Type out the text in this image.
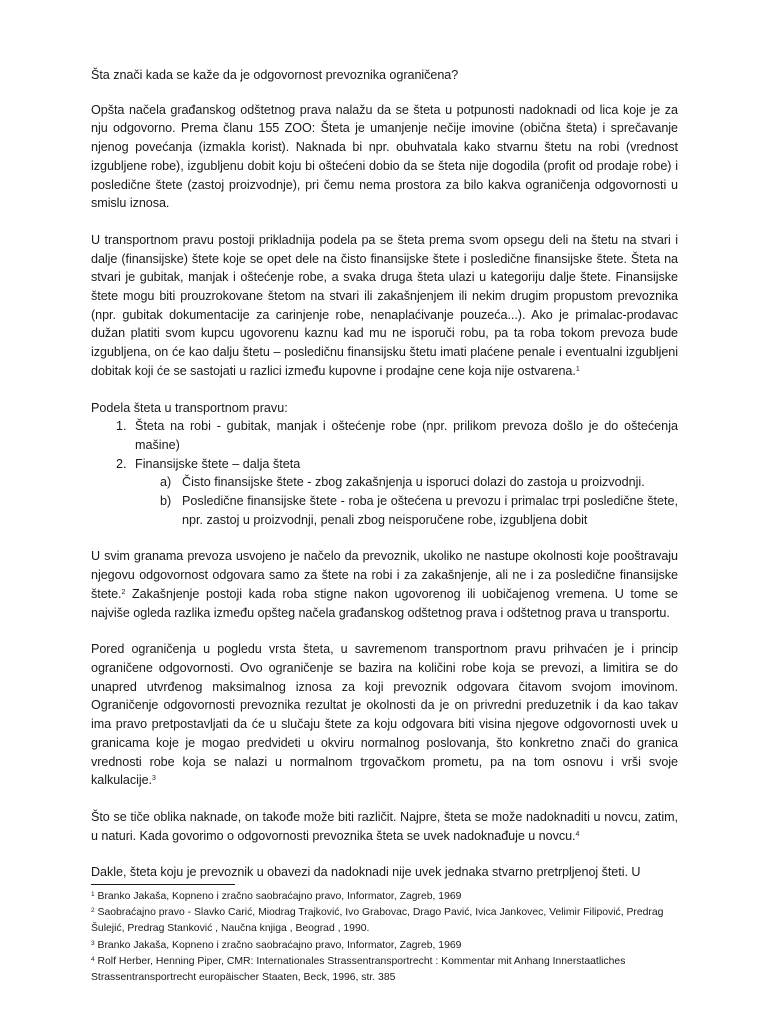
Šta znači kada se kaže da je odgovornost prevoznika ograničena?

Opšta načela građanskog odštetnog prava nalažu da se šteta u potpunosti nadoknadi od lica koje je za nju odgovorno. Prema članu 155 ZOO: Šteta je umanjenje nečije imovine (obična šteta) i sprečavanje njenog povećanja (izmakla korist). Naknada bi npr. obuhvatala kako stvarnu štetu na robi (vrednost izgubljene robe), izgubljenu dobit koju bi oštećeni dobio da se šteta nije dogodila (profit od prodaje robe) i posledične štete (zastoj proizvodnje), pri čemu nema prostora za bilo kakva ograničenja odgovornosti u smislu iznosa.

U transportnom pravu postoji prikladnija podela pa se šteta prema svom opsegu deli na štetu na stvari i dalje (finansijske) štete koje se opet dele na čisto finansijske štete i posledične finansijske štete. Šteta na stvari je gubitak, manjak i oštećenje robe, a svaka druga šteta ulazi u kategoriju dalje štete. Finansijske štete mogu biti prouzrokovane štetom na stvari ili zakašnjenjem ili nekim drugim propustom prevoznika (npr. gubitak dokumentacije za carinjenje robe, nenaplaćivanje pouzeća...). Ako je primalac-prodavac dužan platiti svom kupcu ugovorenu kaznu kad mu ne isporuči robu, pa ta roba tokom prevoza bude izgubljena, on će kao dalju štetu – posledičnu finansijsku štetu imati plaćene penale i eventualni izgubljeni dobitak koji će se sastojati u razlici između kupovne i prodajne cene koja nije ostvarena.$^1$

Podela šteta u transportnom pravu:

1. Šteta na robi - gubitak, manjak i oštećenje robe (npr. prilikom prevoza došlo je do oštećenja mašine)
2. Finansijske štete – dalja šteta
a) Čisto finansijske štete - zbog zakašnjenja u isporuci dolazi do zastoja u proizvodnji.
b) Posledične finansijske štete - roba je oštećena u prevozu i primalac trpi posledične štete, npr. zastoj u proizvodnji, penali zbog neisporučene robe, izgubljena dobit

U svim granama prevoza usvojeno je načelo da prevoznik, ukoliko ne nastupe okolnosti koje pooštravaju njegovu odgovornost odgovara samo za štete na robi i za zakašnjenje, ali ne i za posledične finansijske štete.$^2$ Zakašnjenje postoji kada roba stigne nakon ugovorenog ili uobičajenog vremena. U tome se najviše ogleda razlika između opšteg načela građanskog odštetnog prava i odštetnog prava u transportu.

Pored ograničenja u pogledu vrsta šteta, u savremenom transportnom pravu prihvaćen je i princip ograničene odgovornosti. Ovo ograničenje se bazira na količini robe koja se prevozi, a limitira se do unapred utvrđenog maksimalnog iznosa za koji prevoznik odgovara čitavom svojom imovinom. Ograničenje odgovornosti prevoznika rezultat je okolnosti da je on privredni preduzetnik i da kao takav ima pravo pretpostavljati da će u slučaju štete za koju odgovara biti visina njegove odgovornosti uvek u granicama koje je mogao predvideti u okviru normalnog poslovanja, što konkretno znači do granica vrednosti robe koja se nalazi u normalnom trgovačkom prometu, pa na tom osnovu i vrši svoje kalkulacije.$^3$

Što se tiče oblika naknade, on takođe može biti različit. Najpre, šteta se može nadoknaditi u novcu, zatim, u naturi. Kada govorimo o odgovornosti prevoznika šteta se uvek nadoknađuje u novcu.$^4$

Dakle, šteta koju je prevoznik u obavezi da nadoknadi nije uvek jednaka stvarno pretrpljenoj šteti. U

$^1$ Branko Jakaša, Kopneno i zračno saobraćajno pravo, Informator, Zagreb, 1969

$^2$ Saobraćajno pravo - Slavko Carić, Miodrag Trajković, Ivo Grabovac, Drago Pavić, Ivica Jankovec, Velimir Filipović, Predrag Šulejić, Predrag Stanković , Naučna knjiga , Beograd , 1990.

$^3$ Branko Jakaša, Kopneno i zračno saobraćajno pravo, Informator, Zagreb, 1969

$^4$ Rolf Herber, Henning Piper, CMR: Internationales Strassentransportrecht : Kommentar mit Anhang Innerstaatliches Strassentransportrecht europäischer Staaten, Beck, 1996, str. 385
